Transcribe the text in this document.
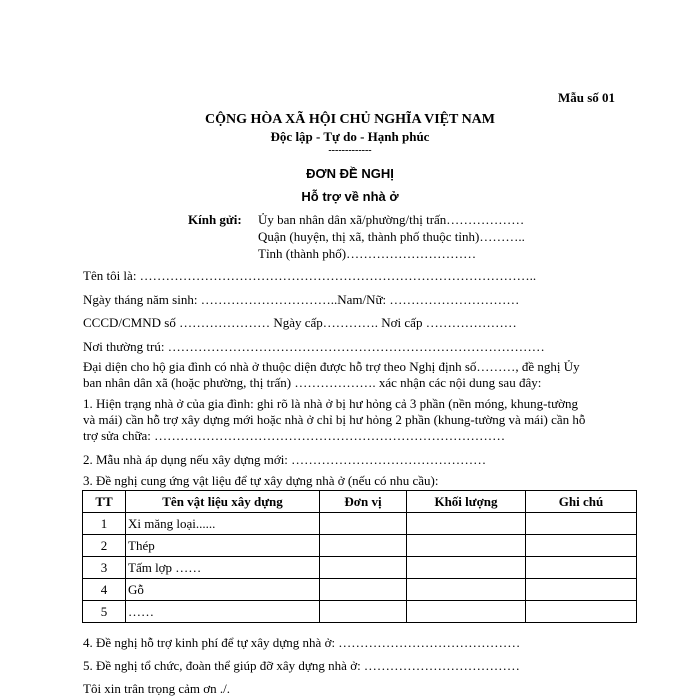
Mẫu số 01
CỘNG HÒA XÃ HỘI CHỦ NGHĨA VIỆT NAM
Độc lập - Tự do - Hạnh phúc
-------------
ĐƠN ĐỀ NGHỊ
Hỗ trợ về nhà ở
Kính gửi: Ủy ban nhân dân xã/phường/thị trấn………………
Quận (huyện, thị xã, thành phố thuộc tỉnh)………..
Tỉnh (thành phố)…………………………
Tên tôi là: ………………………………………………………………………………..
Ngày tháng năm sinh: …………………………..Nam/Nữ: …………………………
CCCD/CMND số ………………… Ngày cấp…………. Nơi cấp …………………
Nơi thường trú: ……………………………………………………………………………
Đại diện cho hộ gia đình có nhà ở thuộc diện được hỗ trợ theo Nghị định số………, đề nghị Ủy
ban nhân dân xã (hoặc phường, thị trấn) ………………. xác nhận các nội dung sau đây:
1. Hiện trạng nhà ở của gia đình: ghi rõ là nhà ở bị hư hỏng cả 3 phần (nền móng, khung-tường
và mái) cần hỗ trợ xây dựng mới hoặc nhà ở chỉ bị hư hỏng 2 phần (khung-tường và mái) cần hỗ
trợ sửa chữa: ………………………………………………………………………
2. Mẫu nhà áp dụng nếu xây dựng mới: ………………………………………
3. Đề nghị cung ứng vật liệu để tự xây dựng nhà ở (nếu có nhu cầu):
TT	Tên vật liệu xây dựng	Đơn vị	Khối lượng	Ghi chú
1	Xi măng loại......			
2	Thép			
3	Tấm lợp ……			
4	Gỗ			
5	……			
4. Đề nghị hỗ trợ kinh phí để tự xây dựng nhà ở: ……………………………………
5. Đề nghị tổ chức, đoàn thể giúp đỡ xây dựng nhà ở: ………………………………
Tôi xin trân trọng cảm ơn ./.
